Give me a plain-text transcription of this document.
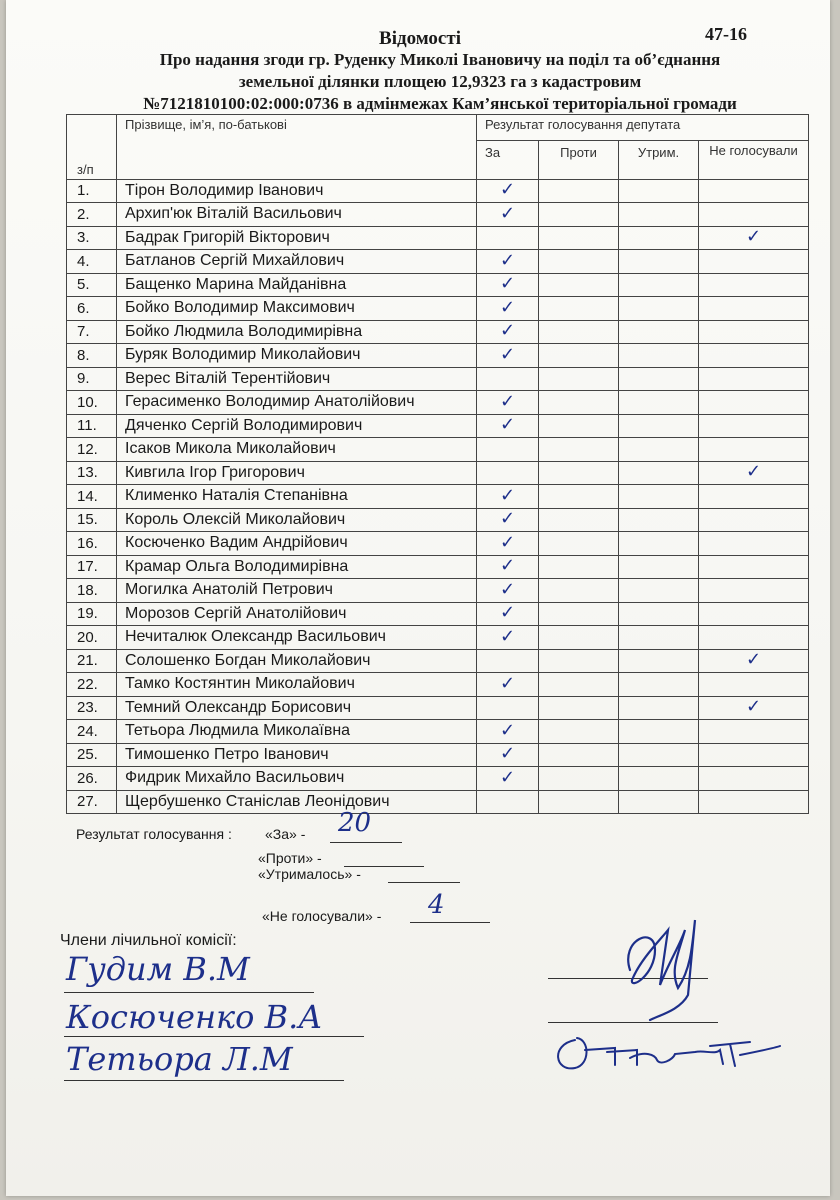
Відомості	47-16
Про надання згоди гр. Руденку Миколі Івановичу на поділ та об’єднання
земельної ділянки площею 12,9323 га з кадастровим
№7121810100:02:000:0736 в адмінмежах Кам’янської територіальної громади
з/п	Прізвище, ім’я, по-батькові	Результат голосування депутата			
		За	Проти	Утрим.	Не голосували
1.	Тірон Володимир Іванович	✓			
2.	Архип'юк Віталій Васильович	✓			
3.	Бадрак Григорій Вікторович				✓
4.	Батланов Сергій Михайлович	✓			
5.	Бащенко Марина Майданівна	✓			
6.	Бойко Володимир Максимович	✓			
7.	Бойко Людмила Володимирівна	✓			
8.	Буряк Володимир Миколайович	✓			
9.	Верес Віталій Терентійович				
10.	Герасименко Володимир Анатолійович	✓			
11.	Дяченко Сергій Володимирович	✓			
12.	Ісаков Микола Миколайович				
13.	Кивгила Ігор Григорович				✓
14.	Клименко Наталія Степанівна	✓			
15.	Король Олексій Миколайович	✓			
16.	Косюченко Вадим Андрійович	✓			
17.	Крамар Ольга Володимирівна	✓			
18.	Могилка Анатолій Петрович	✓			
19.	Морозов Сергій Анатолійович	✓			
20.	Нечиталюк Олександр Васильович	✓			
21.	Солошенко Богдан Миколайович				✓
22.	Тамко Костянтин Миколайович	✓			
23.	Темний Олександр Борисович				✓
24.	Тетьора Людмила Миколаївна	✓			
25.	Тимошенко Петро Іванович	✓			
26.	Фидрик Михайло Васильович	✓			
27.	Щербушенко Станіслав Леонідович				
Результат голосування : «За» - 20
«Проти» -
«Утрималось» -
«Не голосували» - 4
Члени лічильної комісії:
Гудим В.М
Косюченко В.А
Тетьора Л.М
